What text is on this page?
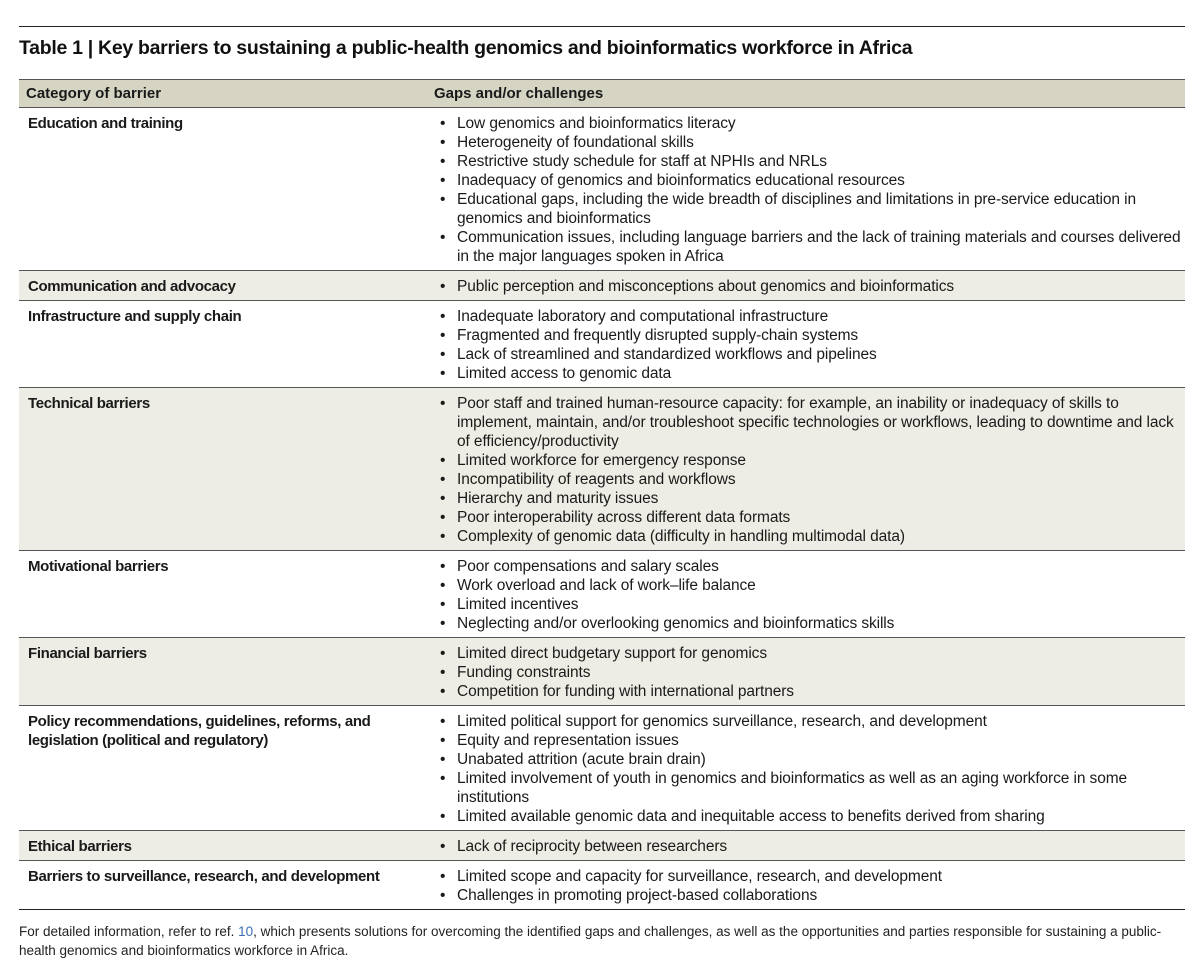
Table 1 | Key barriers to sustaining a public-health genomics and bioinformatics workforce in Africa
Category of barrier	Gaps and/or challenges
Education and training	• Low genomics and bioinformatics literacy
• Heterogeneity of foundational skills
• Restrictive study schedule for staff at NPHIs and NRLs
• Inadequacy of genomics and bioinformatics educational resources
• Educational gaps, including the wide breadth of disciplines and limitations in pre-service education in genomics and bioinformatics
• Communication issues, including language barriers and the lack of training materials and courses delivered in the major languages spoken in Africa
Communication and advocacy	• Public perception and misconceptions about genomics and bioinformatics
Infrastructure and supply chain	• Inadequate laboratory and computational infrastructure
• Fragmented and frequently disrupted supply-chain systems
• Lack of streamlined and standardized workflows and pipelines
• Limited access to genomic data
Technical barriers	• Poor staff and trained human-resource capacity: for example, an inability or inadequacy of skills to implement, maintain, and/or troubleshoot specific technologies or workflows, leading to downtime and lack of efficiency/productivity
• Limited workforce for emergency response
• Incompatibility of reagents and workflows
• Hierarchy and maturity issues
• Poor interoperability across different data formats
• Complexity of genomic data (difficulty in handling multimodal data)
Motivational barriers	• Poor compensations and salary scales
• Work overload and lack of work–life balance
• Limited incentives
• Neglecting and/or overlooking genomics and bioinformatics skills
Financial barriers	• Limited direct budgetary support for genomics
• Funding constraints
• Competition for funding with international partners
Policy recommendations, guidelines, reforms, and legislation (political and regulatory)
• Limited political support for genomics surveillance, research, and development
• Equity and representation issues
• Unabated attrition (acute brain drain)
• Limited involvement of youth in genomics and bioinformatics as well as an aging workforce in some institutions
• Limited available genomic data and inequitable access to benefits derived from sharing
Ethical barriers	• Lack of reciprocity between researchers
Barriers to surveillance, research, and development	• Limited scope and capacity for surveillance, research, and development
• Challenges in promoting project-based collaborations
For detailed information, refer to ref. 10, which presents solutions for overcoming the identified gaps and challenges, as well as the opportunities and parties responsible for sustaining a public-health genomics and bioinformatics workforce in Africa.
